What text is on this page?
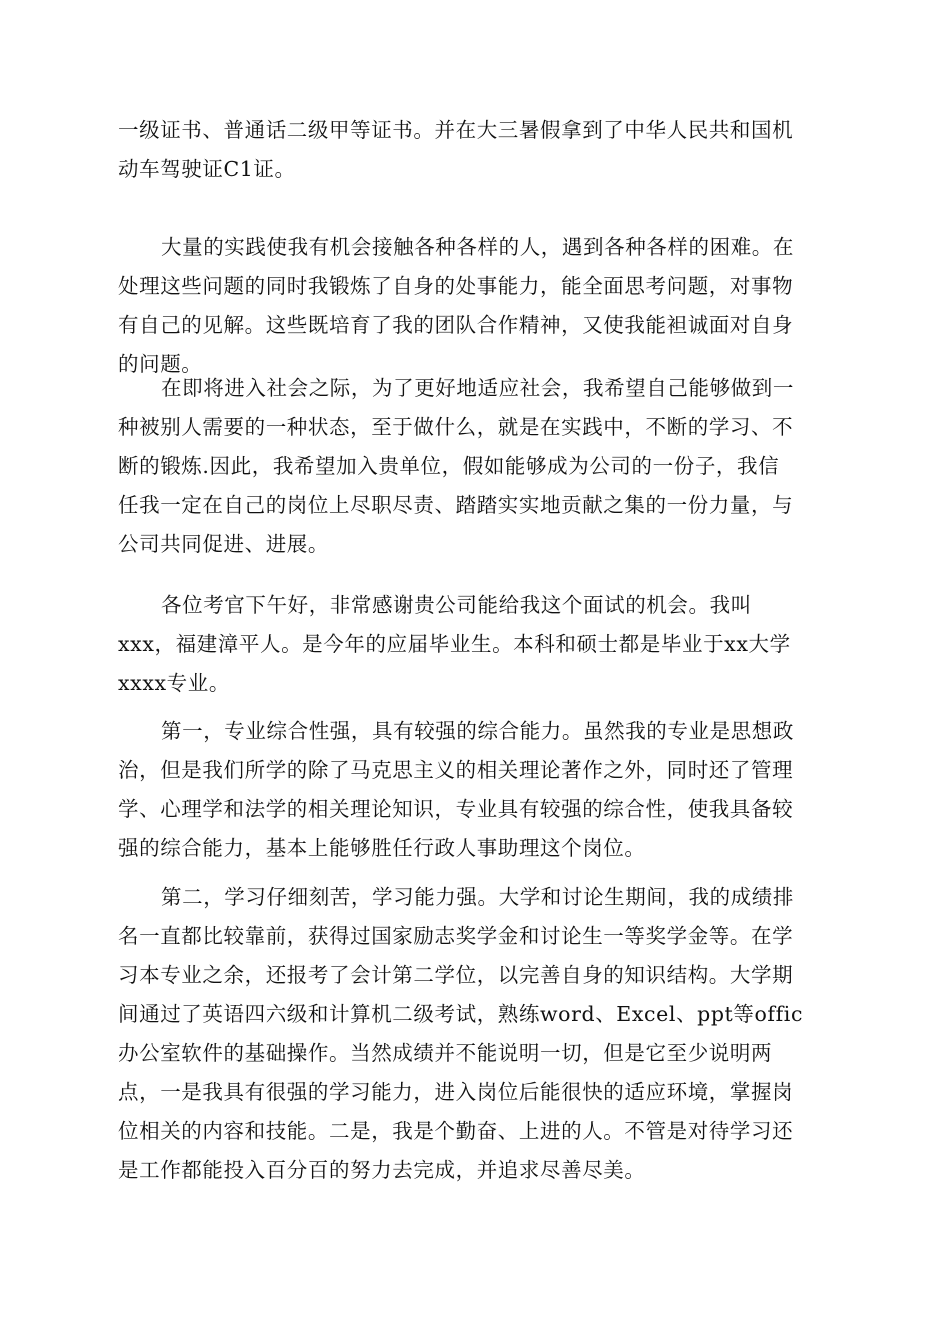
一级证书、普通话二级甲等证书。并在大三暑假拿到了中华人民共和国机
动车驾驶证C1证。

大量的实践使我有机会接触各种各样的人，遇到各种各样的困难。在
处理这些问题的同时我锻炼了自身的处事能力，能全面思考问题，对事物
有自己的见解。这些既培育了我的团队合作精神，又使我能袒诚面对自身
的问题。

在即将进入社会之际，为了更好地适应社会，我希望自己能够做到一
种被别人需要的一种状态，至于做什么，就是在实践中，不断的学习、不
断的锻炼.因此，我希望加入贵单位，假如能够成为公司的一份子，我信
任我一定在自己的岗位上尽职尽责、踏踏实实地贡献之集的一份力量，与
公司共同促进、进展。

各位考官下午好，非常感谢贵公司能给我这个面试的机会。我叫
xxx，福建漳平人。是今年的应届毕业生。本科和硕士都是毕业于xx大学
xxxx专业。

第一，专业综合性强，具有较强的综合能力。虽然我的专业是思想政
治，但是我们所学的除了马克思主义的相关理论著作之外，同时还了管理
学、心理学和法学的相关理论知识，专业具有较强的综合性，使我具备较
强的综合能力，基本上能够胜任行政人事助理这个岗位。

第二，学习仔细刻苦，学习能力强。大学和讨论生期间，我的成绩排
名一直都比较靠前，获得过国家励志奖学金和讨论生一等奖学金等。在学
习本专业之余，还报考了会计第二学位，以完善自身的知识结构。大学期
间通过了英语四六级和计算机二级考试，熟练word、Excel、ppt等offic
办公室软件的基础操作。当然成绩并不能说明一切，但是它至少说明两
点，一是我具有很强的学习能力，进入岗位后能很快的适应环境，掌握岗
位相关的内容和技能。二是，我是个勤奋、上进的人。不管是对待学习还
是工作都能投入百分百的努力去完成，并追求尽善尽美。
